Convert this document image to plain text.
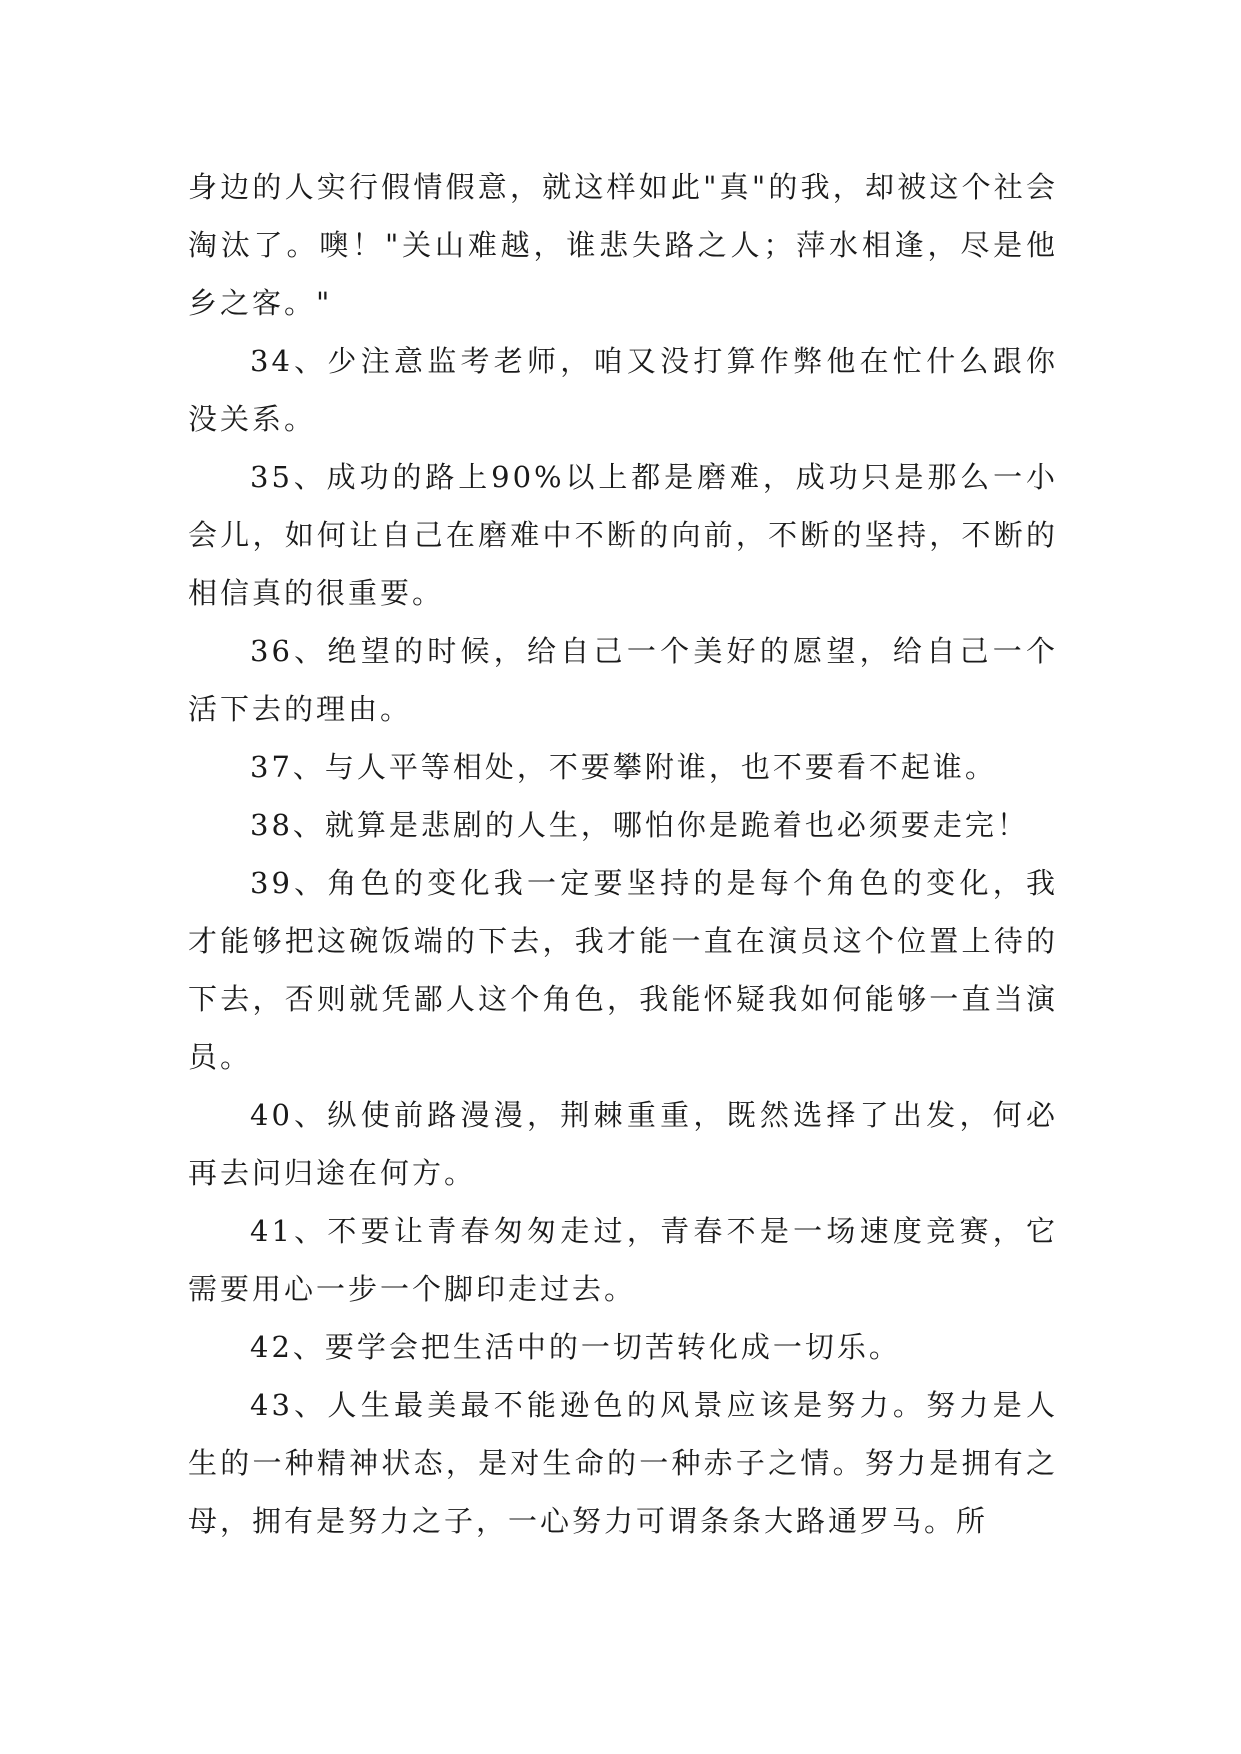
身边的人实行假情假意，就这样如此"真"的我，却被这个社会淘汰了。噢！"关山难越，谁悲失路之人；萍水相逢，尽是他乡之客。"

34、少注意监考老师，咱又没打算作弊他在忙什么跟你没关系。

35、成功的路上90%以上都是磨难，成功只是那么一小会儿，如何让自己在磨难中不断的向前，不断的坚持，不断的相信真的很重要。

36、绝望的时候，给自己一个美好的愿望，给自己一个活下去的理由。

37、与人平等相处，不要攀附谁，也不要看不起谁。

38、就算是悲剧的人生，哪怕你是跪着也必须要走完！

39、角色的变化我一定要坚持的是每个角色的变化，我才能够把这碗饭端的下去，我才能一直在演员这个位置上待的下去，否则就凭鄙人这个角色，我能怀疑我如何能够一直当演员。

40、纵使前路漫漫，荆棘重重，既然选择了出发，何必再去问归途在何方。

41、不要让青春匆匆走过，青春不是一场速度竞赛，它需要用心一步一个脚印走过去。

42、要学会把生活中的一切苦转化成一切乐。

43、人生最美最不能逊色的风景应该是努力。努力是人生的一种精神状态，是对生命的一种赤子之情。努力是拥有之母，拥有是努力之子，一心努力可谓条条大路通罗马。所
